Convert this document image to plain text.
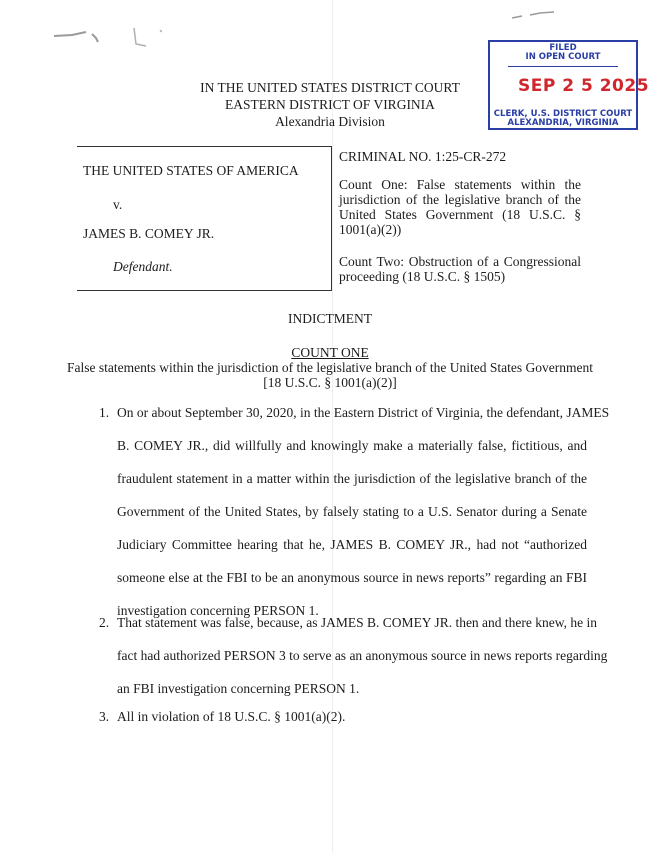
IN THE UNITED STATES DISTRICT COURT
EASTERN DISTRICT OF VIRGINIA
Alexandria Division
FILED
IN OPEN COURT
SEP 2 5 2025
CLERK, U.S. DISTRICT COURT
ALEXANDRIA, VIRGINIA
THE UNITED STATES OF AMERICA
v.
JAMES B. COMEY JR.
Defendant.
CRIMINAL NO. 1:25-CR-272
Count One: False statements within the jurisdiction of the legislative branch of the United States Government (18 U.S.C. § 1001(a)(2))
Count Two: Obstruction of a Congressional proceeding (18 U.S.C. § 1505)
INDICTMENT
COUNT ONE
False statements within the jurisdiction of the legislative branch of the United States Government
[18 U.S.C. § 1001(a)(2)]
1. On or about September 30, 2020, in the Eastern District of Virginia, the defendant, JAMES
B. COMEY JR., did willfully and knowingly make a materially false, fictitious, and
fraudulent statement in a matter within the jurisdiction of the legislative branch of the
Government of the United States, by falsely stating to a U.S. Senator during a Senate
Judiciary Committee hearing that he, JAMES B. COMEY JR., had not “authorized
someone else at the FBI to be an anonymous source in news reports” regarding an FBI
investigation concerning PERSON 1.
2. That statement was false, because, as JAMES B. COMEY JR. then and there knew, he in
fact had authorized PERSON 3 to serve as an anonymous source in news reports regarding
an FBI investigation concerning PERSON 1.
3. All in violation of 18 U.S.C. § 1001(a)(2).
